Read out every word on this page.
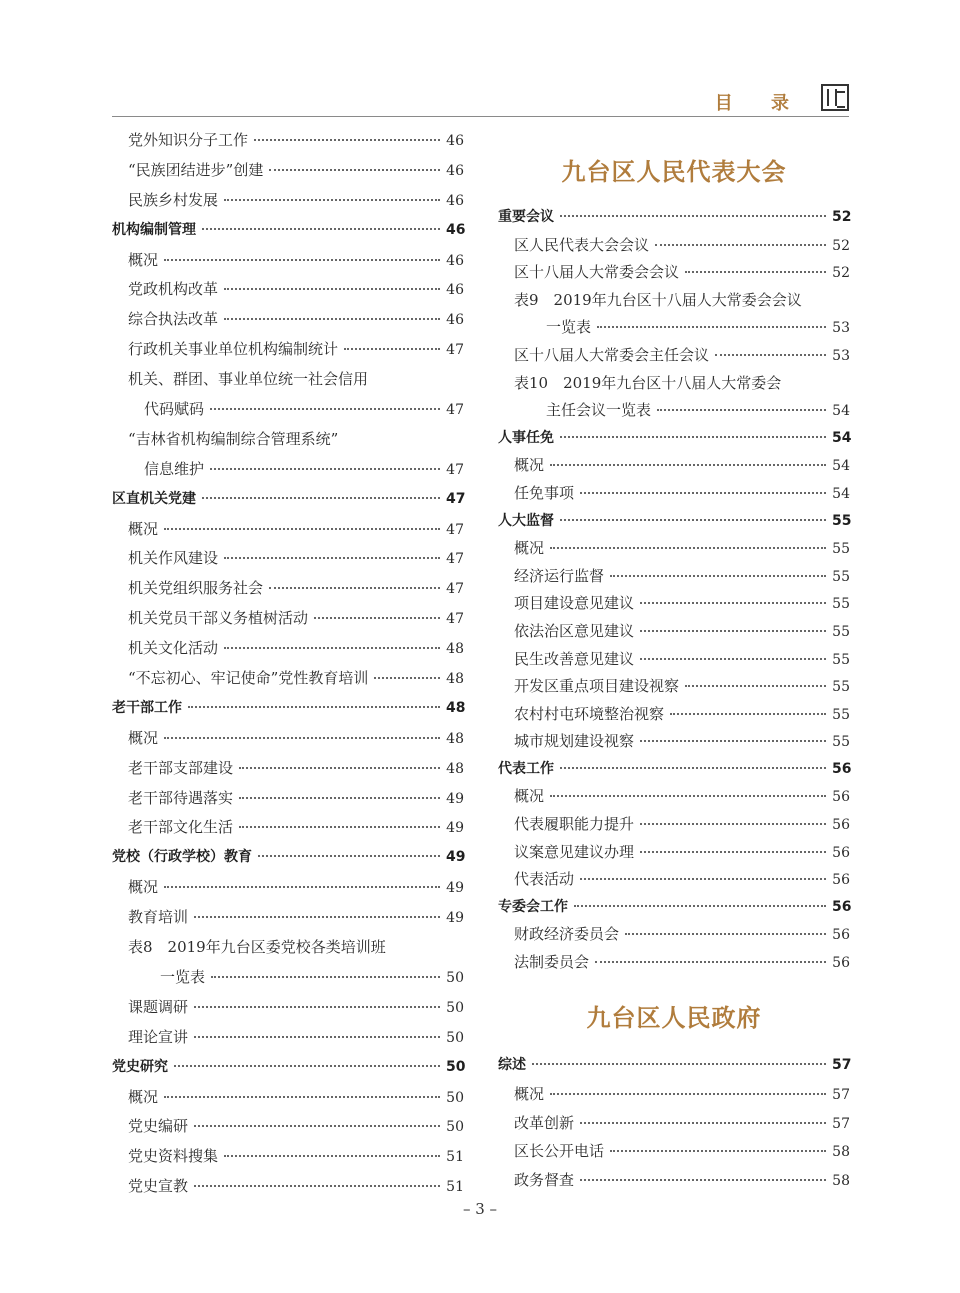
目 录
党外知识分子工作	46
“民族团结进步”创建	46
民族乡村发展	46
机构编制管理	46
概况	46
党政机构改革	46
综合执法改革	46
行政机关事业单位机构编制统计	47
机关、群团、事业单位统一社会信用
代码赋码	47
“吉林省机构编制综合管理系统”
信息维护	47
区直机关党建	47
概况	47
机关作风建设	47
机关党组织服务社会	47
机关党员干部义务植树活动	47
机关文化活动	48
“不忘初心、牢记使命”党性教育培训	48
老干部工作	48
概况	48
老干部支部建设	48
老干部待遇落实	49
老干部文化生活	49
党校（行政学校）教育	49
概况	49
教育培训	49
表8　2019年九台区委党校各类培训班
一览表	50
课题调研	50
理论宣讲	50
党史研究	50
概况	50
党史编研	50
党史资料搜集	51
党史宣教	51
九台区人民代表大会
重要会议	52
区人民代表大会会议	52
区十八届人大常委会会议	52
表9　2019年九台区十八届人大常委会会议
一览表	53
区十八届人大常委会主任会议	53
表10　2019年九台区十八届人大常委会
主任会议一览表	54
人事任免	54
概况	54
任免事项	54
人大监督	55
概况	55
经济运行监督	55
项目建设意见建议	55
依法治区意见建议	55
民生改善意见建议	55
开发区重点项目建设视察	55
农村村屯环境整治视察	55
城市规划建设视察	55
代表工作	56
概况	56
代表履职能力提升	56
议案意见建议办理	56
代表活动	56
专委会工作	56
财政经济委员会	56
法制委员会	56
九台区人民政府
综述	57
概况	57
改革创新	57
区长公开电话	58
政务督查	58
– 3 –
